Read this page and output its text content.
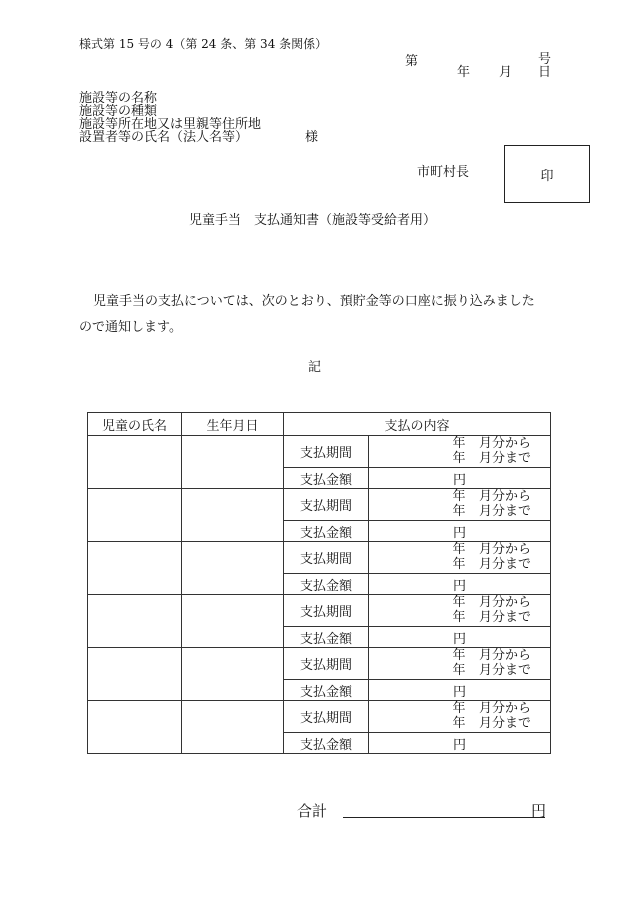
様式第 15 号の 4（第 24 条、第 34 条関係）
第	号
年 月 日
施設等の名称
施設等の種類
施設等所在地又は里親等住所地
設置者等の氏名（法人名等）	様
市町村長	印
児童手当　支払通知書（施設等受給者用）
児童手当の支払については、次のとおり、預貯金等の口座に振り込みました
ので通知します。
記
児童の氏名	生年月日	支払の内容	
		支払期間	年 月分から
年 月分まで

		支払金額	円
		支払期間	年 月分から
年 月分まで

		支払金額	円
		支払期間	年 月分から
年 月分まで

		支払金額	円
		支払期間	年 月分から
年 月分まで

		支払金額	円
		支払期間	年 月分から
年 月分まで

		支払金額	円
		支払期間	年 月分から
年 月分まで

		支払金額	円
合計	円
